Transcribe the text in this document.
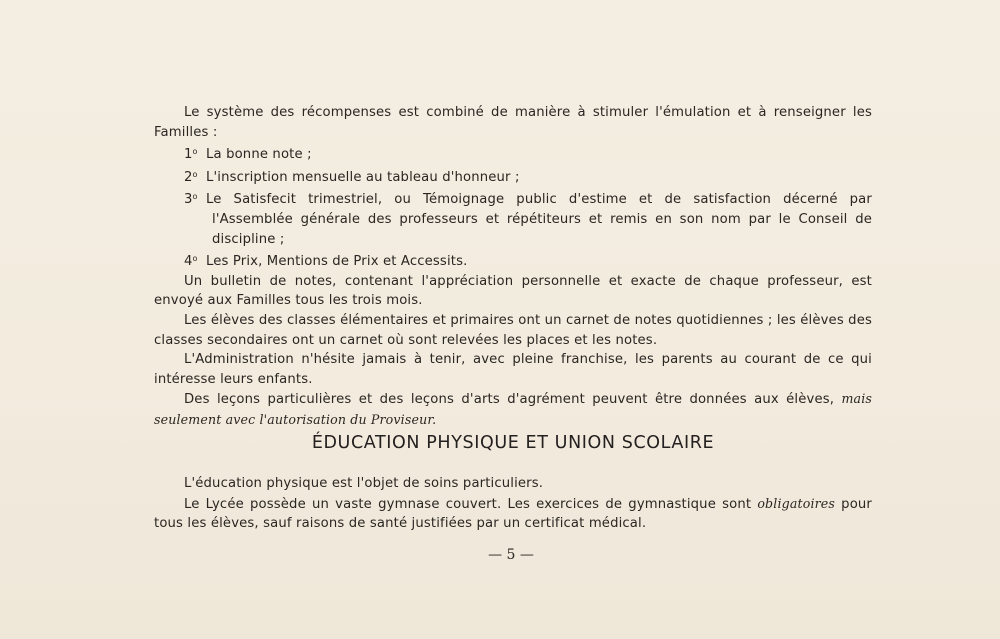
Le système des récompenses est combiné de manière à stimuler l'émulation et à renseigner les Familles :

1$^o$ La bonne note ;

2$^o$ L'inscription mensuelle au tableau d'honneur ;

3$^o$ Le Satisfecit trimestriel, ou Témoignage public d'estime et de satisfaction décerné par l'Assemblée générale des professeurs et répétiteurs et remis en son nom par le Conseil de discipline ;

4$^o$ Les Prix, Mentions de Prix et Accessits.

Un bulletin de notes, contenant l'appréciation personnelle et exacte de chaque professeur, est envoyé aux Familles tous les trois mois.

Les élèves des classes élémentaires et primaires ont un carnet de notes quotidiennes ; les élèves des classes secondaires ont un carnet où sont relevées les places et les notes.

L'Administration n'hésite jamais à tenir, avec pleine franchise, les parents au courant de ce qui intéresse leurs enfants.

Des leçons particulières et des leçons d'arts d'agrément peuvent être données aux élèves, mais seulement avec l'autorisation du Proviseur.

ÉDUCATION PHYSIQUE ET UNION SCOLAIRE

L'éducation physique est l'objet de soins particuliers.

Le Lycée possède un vaste gymnase couvert. Les exercices de gymnastique sont obligatoires pour tous les élèves, sauf raisons de santé justifiées par un certificat médical.

— 5 —
